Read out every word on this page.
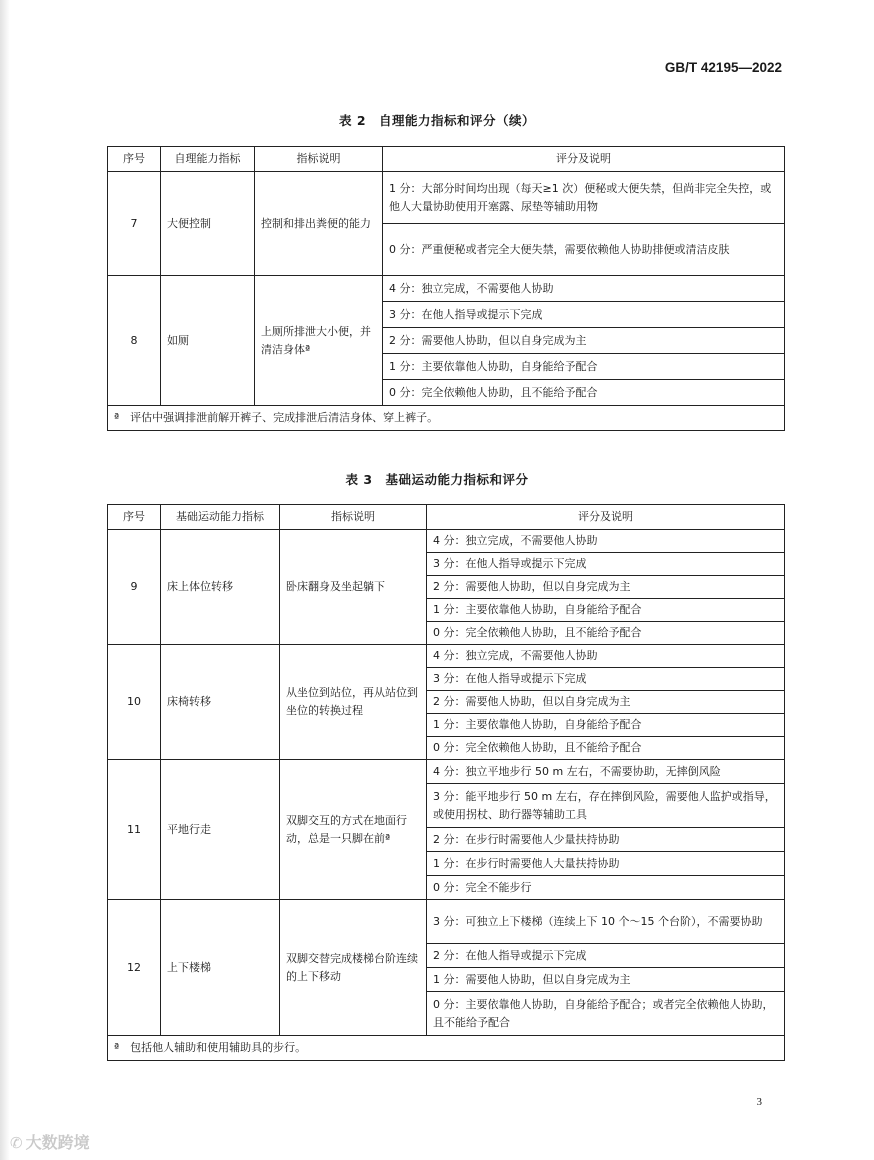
GB/T 42195—2022
表 2　自理能力指标和评分（续）
序号	自理能力指标	指标说明	评分及说明
7	大便控制	控制和排出粪便的能力	1 分：大部分时间均出现（每天≥1 次）便秘或大便失禁，但尚非完全失控，或他人大量协助使用开塞露、尿垫等辅助用物
			0 分：严重便秘或者完全大便失禁，需要依赖他人协助排便或清洁皮肤
8	如厕	上厕所排泄大小便，并清洁身体ª	4 分：独立完成，不需要他人协助
			3 分：在他人指导或提示下完成
			2 分：需要他人协助，但以自身完成为主
			1 分：主要依靠他人协助，自身能给予配合
			0 分：完全依赖他人协助，且不能给予配合
ª　评估中强调排泄前解开裤子、完成排泄后清洁身体、穿上裤子。			
表 3　基础运动能力指标和评分
序号	基础运动能力指标	指标说明	评分及说明
9	床上体位转移	卧床翻身及坐起躺下	4 分：独立完成，不需要他人协助
			3 分：在他人指导或提示下完成
			2 分：需要他人协助，但以自身完成为主
			1 分：主要依靠他人协助，自身能给予配合
			0 分：完全依赖他人协助，且不能给予配合
10	床椅转移	从坐位到站位，再从站位到坐位的转换过程	4 分：独立完成，不需要他人协助
			3 分：在他人指导或提示下完成
			2 分：需要他人协助，但以自身完成为主
			1 分：主要依靠他人协助，自身能给予配合
			0 分：完全依赖他人协助，且不能给予配合
11	平地行走	双脚交互的方式在地面行动，总是一只脚在前ª	4 分：独立平地步行 50 m 左右，不需要协助，无摔倒风险
			3 分：能平地步行 50 m 左右，存在摔倒风险，需要他人监护或指导，或使用拐杖、助行器等辅助工具
			2 分：在步行时需要他人少量扶持协助
			1 分：在步行时需要他人大量扶持协助
			0 分：完全不能步行
12	上下楼梯	双脚交替完成楼梯台阶连续的上下移动	3 分：可独立上下楼梯（连续上下 10 个～15 个台阶），不需要协助
			2 分：在他人指导或提示下完成
			1 分：需要他人协助，但以自身完成为主
			0 分：主要依靠他人协助，自身能给予配合；或者完全依赖他人协助，且不能给予配合
ª　包括他人辅助和使用辅助具的步行。			
3
✆ 大数跨境
